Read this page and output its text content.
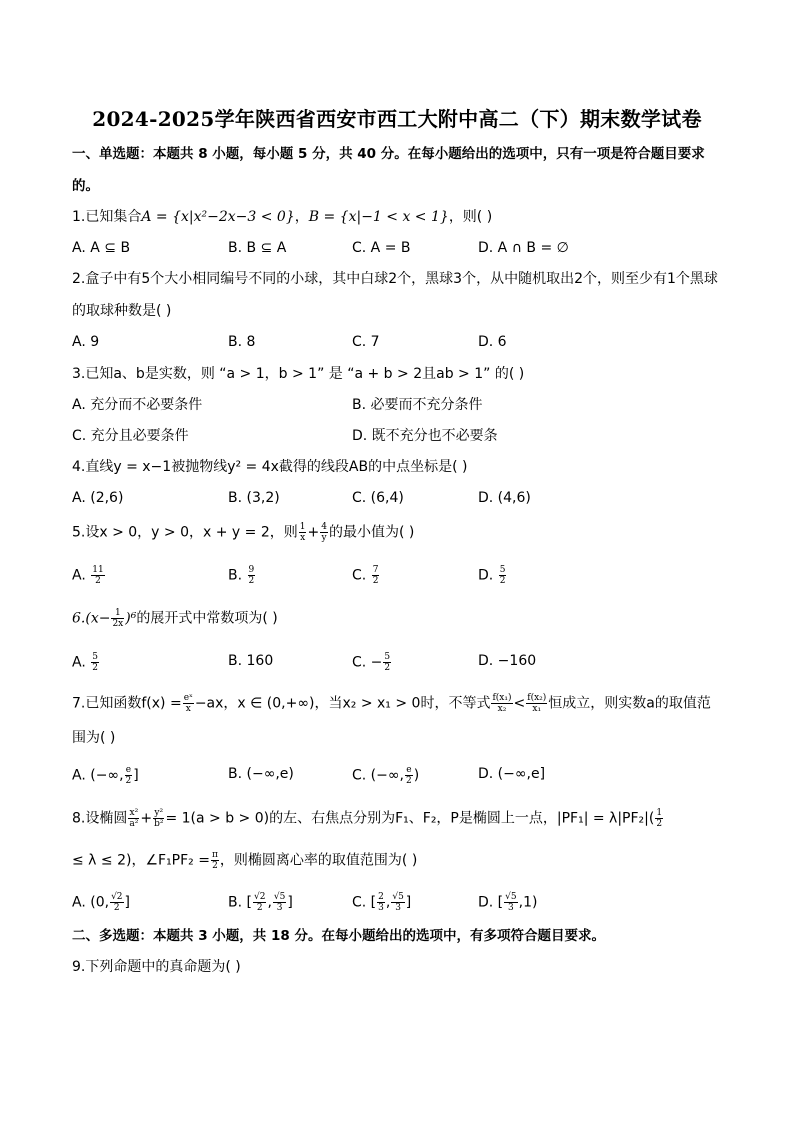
2024-2025学年陕西省西安市西工大附中高二（下）期末数学试卷
一、单选题：本题共 8 小题，每小题 5 分，共 40 分。在每小题给出的选项中，只有一项是符合题目要求
的。
1.已知集合A = {x|x²−2x−3 < 0}，B = {x|−1 < x < 1}，则( )
A. A ⊆ B	B. B ⊆ A	C. A = B	D. A ∩ B = ∅
2.盒子中有5个大小相同编号不同的小球，其中白球2个，黑球3个，从中随机取出2个，则至少有1个黑球
的取球种数是( )
A. 9	B. 8	C. 7	D. 6
3.已知a、b是实数，则 “a > 1，b > 1” 是 “a + b > 2且ab > 1” 的( )
A. 充分而不必要条件	B. 必要而不充分条件
C. 充分且必要条件	D. 既不充分也不必要条
4.直线y = x−1被抛物线y² = 4x截得的线段AB的中点坐标是( )
A. (2,6)	B. (3,2)	C. (6,4)	D. (4,6)
5.设x > 0，y > 0，x + y = 2，则 $\frac{1}{x} + \frac{4}{y}$ 的最小值为( )
A. $\frac{11}{2}$	B. $\frac{9}{2}$	C. $\frac{7}{2}$	D. $\frac{5}{2}$
$6.(x- \frac{1}{2x} )^6$的展开式中常数项为( )
A. $\frac{5}{2}$	B. 160	C. − $\frac{5}{2}$	D. −160
7.已知函数$f(x) = \frac{\text{eˣ}}{x} -ax$，x ∈ (0,+∞)，当x₂ > x₁ > 0时，不等式 $\frac{\text{f(x₁)}}{\text{x₂}} < \frac{\text{f(x₂)}}{\text{x₁}}$ 恒成立，则实数a的取值范
围为( )
A. (−∞, $\frac{e}{2}$ ]	B. (−∞,e)	C. (−∞, $\frac{e}{2}$ )	D. (−∞,e]
8.设椭圆 $\frac{\text{x²}}{\text{a²}} + \frac{\text{y²}}{\text{b²}} = 1(a > b > 0)$的左、右焦点分别为F₁、F₂，P是椭圆上一点，$|PF_1| = \lambda|PF_2|( \frac{1}{2}$
≤ λ ≤ 2)，∠F₁PF₂ = $\frac{\pi}{2}$ ，则椭圆离心率的取值范围为( )
A. (0, $\frac{√2}{2}$ ]	B. [ $\frac{√2}{2}$ , $\frac{√5}{3}$ ]	C. [ $\frac{2}{3}$ , $\frac{√5}{3}$ ]	D. [ $\frac{√5}{3} ,1$)
二、多选题：本题共 3 小题，共 18 分。在每小题给出的选项中，有多项符合题目要求。
9.下列命题中的真命题为( )
